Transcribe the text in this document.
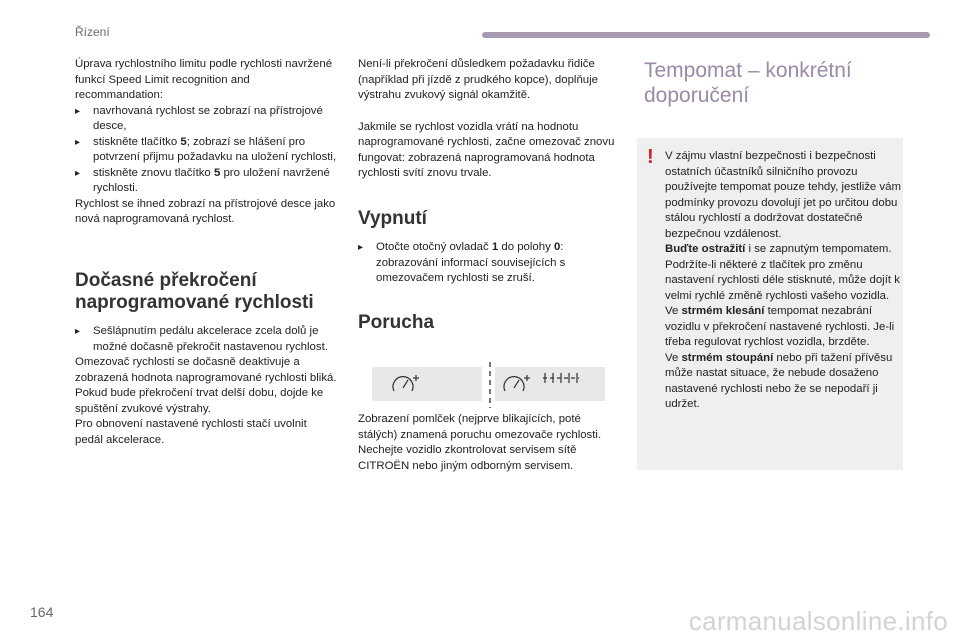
Řízení

Úprava rychlostního limitu podle rychlosti navržené funkcí Speed Limit recognition and recommandation:

▸ navrhovaná rychlost se zobrazí na přístrojové desce,
▸ stiskněte tlačítko 5; zobrazí se hlášení pro potvrzení přijmu požadavku na uložení rychlosti,
▸ stiskněte znovu tlačítko 5 pro uložení navržené rychlosti.

Rychlost se ihned zobrazí na přístrojové desce jako nová naprogramovaná rychlost.

Dočasné překročení naprogramované rychlosti
▸ Sešlápnutím pedálu akcelerace zcela dolů je možné dočasně překročit nastavenou rychlost.

Omezovač rychlosti se dočasně deaktivuje a zobrazená hodnota naprogramované rychlosti bliká.

Pokud bude překročení trvat delší dobu, dojde ke spuštění zvukové výstrahy.

Pro obnovení nastavené rychlosti stačí uvolnit pedál akcelerace.

Není-li překročení důsledkem požadavku řidiče (například při jízdě z prudkého kopce), doplňuje výstrahu zvukový signál okamžitě.

Jakmile se rychlost vozidla vrátí na hodnotu naprogramované rychlosti, začne omezovač znovu fungovat: zobrazená naprogramovaná hodnota rychlosti svítí znovu trvale.

Vypnutí
▸ Otočte otočný ovladač 1 do polohy 0: zobrazování informací souvisejících s omezovačem rychlosti se zruší.
Porucha

Zobrazení pomlček (nejprve blikajících, poté stálých) znamená poruchu omezovače rychlosti.

Nechejte vozidlo zkontrolovat servisem sítě CITROËN nebo jiným odborným servisem.

Tempomat – konkrétní doporučení
! V zájmu vlastní bezpečnosti i bezpečnosti ostatních účastníků silničního provozu používejte tempomat pouze tehdy, jestliže vám podmínky provozu dovolují jet po určitou dobu stálou rychlostí a dodržovat dostatečně bezpečnou vzdálenost.

Buďte ostražití i se zapnutým tempomatem. Podržíte-li některé z tlačítek pro změnu nastavení rychlosti déle stisknuté, může dojít k velmi rychlé změně rychlosti vašeho vozidla.

Ve strmém klesání tempomat nezabrání vozidlu v překročení nastavené rychlosti. Je-li třeba regulovat rychlost vozidla, brzděte.

Ve strmém stoupání nebo při tažení přívěsu může nastat situace, že nebude dosaženo nastavené rychlosti nebo že se nepodaří ji udržet.

164	carmanualsonline.info
